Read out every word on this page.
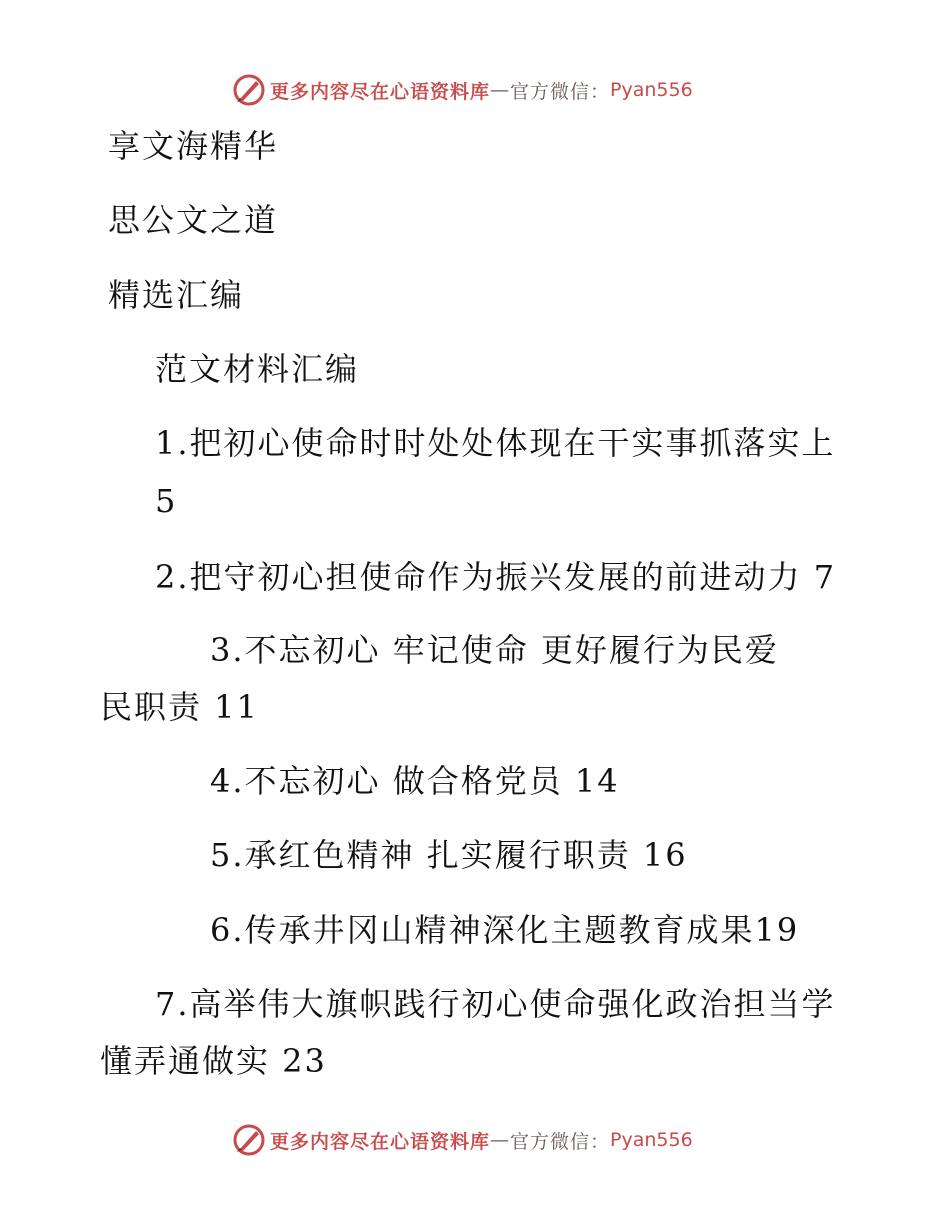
更多内容尽在心语资料库 — 官方微信： Pyan556
享文海精华
思公文之道
精选汇编
范文材料汇编
1.把初心使命时时处处体现在干实事抓落实上
5
2.把守初心担使命作为振兴发展的前进动力 7
3.不忘初心 牢记使命 更好履行为民爱
民职责 11
4.不忘初心 做合格党员 14
5.承红色精神 扎实履行职责 16
6.传承井冈山精神深化主题教育成果19
7.高举伟大旗帜践行初心使命强化政治担当学
懂弄通做实 23
更多内容尽在心语资料库 — 官方微信： Pyan556
